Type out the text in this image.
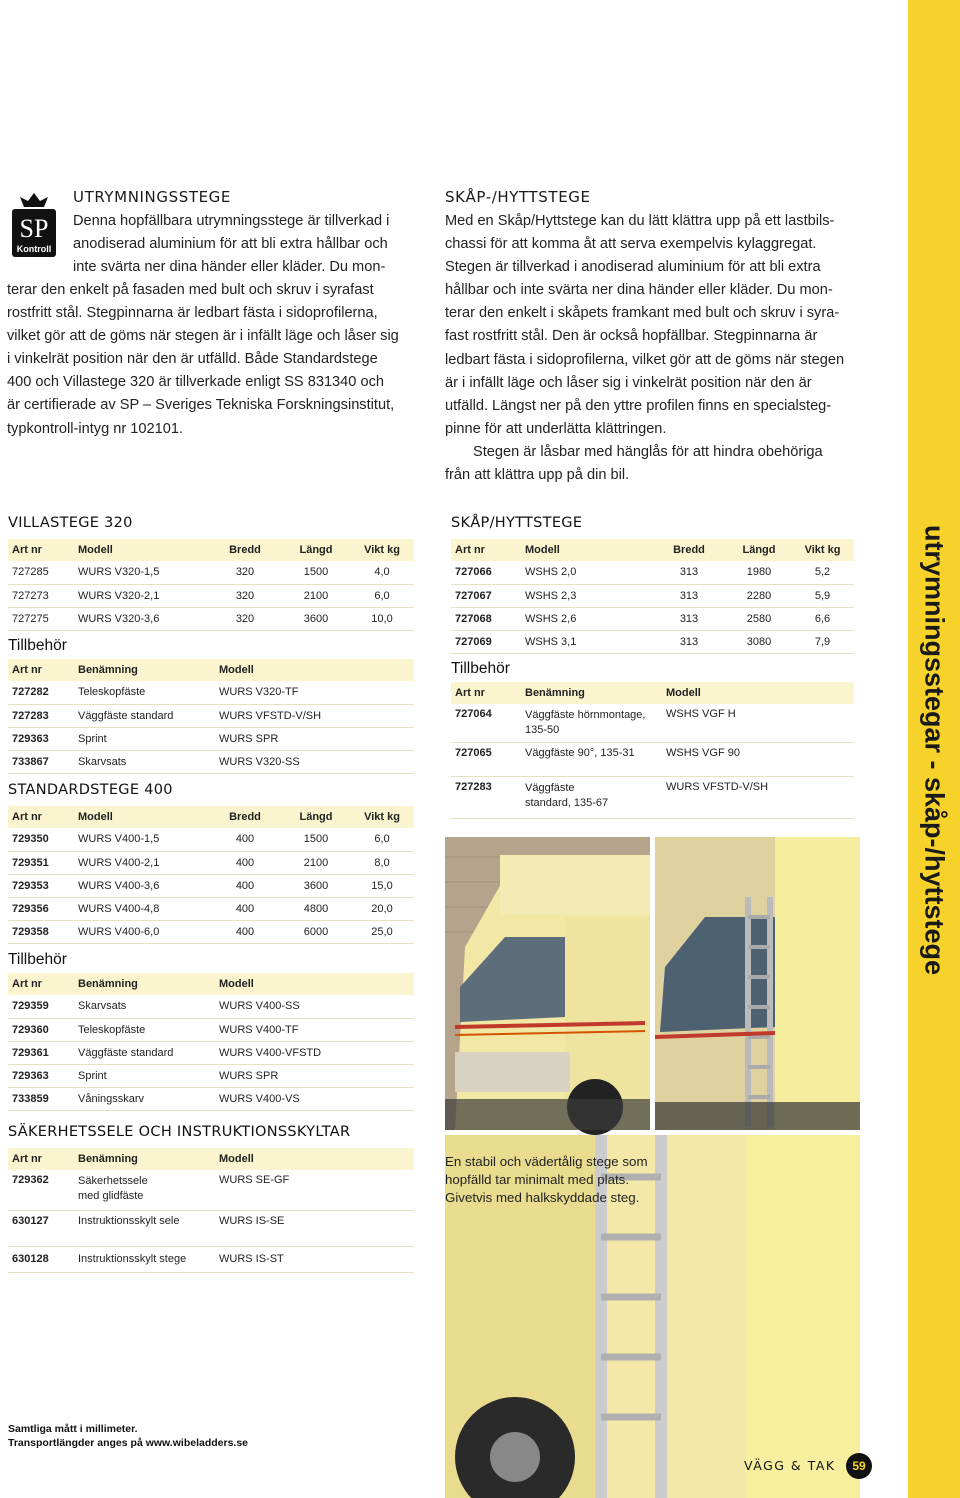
utrymningsstegar - skåp-/hyttstege
SP
Kontroll
UTRYMNINGSSTEGE

Denna hopfällbara utrymningsstege är tillverkad i

anodiserad aluminium för att bli extra hållbar och

inte svärta ner dina händer eller kläder. Du mon-

terar den enkelt på fasaden med bult och skruv i syrafast

rostfritt stål. Stegpinnarna är ledbart fästa i sidoprofilerna,

vilket gör att de göms när stegen är i infällt läge och låser sig

i vinkelrät position när den är utfälld. Både Standardstege

400 och Villastege 320 är tillverkade enligt SS 831340 och

är certifierade av SP – Sveriges Tekniska Forskningsinstitut,

typkontroll-intyg nr 102101.

SKÅP-/HYTTSTEGE

Med en Skåp/Hyttstege kan du lätt klättra upp på ett lastbils-

chassi för att komma åt att serva exempelvis kylaggregat.

Stegen är tillverkad i anodiserad aluminium för att bli extra

hållbar och inte svärta ner dina händer eller kläder. Du mon-

terar den enkelt i skåpets framkant med bult och skruv i syra-

fast rostfritt stål. Den är också hopfällbar. Stegpinnarna är

ledbart fästa i sidoprofilerna, vilket gör att de göms när stegen

är i infällt läge och låser sig i vinkelrät position när den är

utfälld. Längst ner på den yttre profilen finns en specialsteg-

pinne för att underlätta klättringen.

Stegen är låsbar med hänglås för att hindra obehöriga

från att klättra upp på din bil.

VILLASTEGE 320
Art nr	Modell	Bredd	Längd	Vikt kg
727285	WURS V320-1,5	320	1500	4,0
727273	WURS V320-2,1	320	2100	6,0
727275	WURS V320-3,6	320	3600	10,0
Tillbehör
Art nr	Benämning	Modell
727282	Teleskopfäste	WURS V320-TF
727283	Väggfäste standard	WURS VFSTD-V/SH
729363	Sprint	WURS SPR
733867	Skarvsats	WURS V320-SS
STANDARDSTEGE 400
Art nr	Modell	Bredd	Längd	Vikt kg
729350	WURS V400-1,5	400	1500	6,0
729351	WURS V400-2,1	400	2100	8,0
729353	WURS V400-3,6	400	3600	15,0
729356	WURS V400-4,8	400	4800	20,0
729358	WURS V400-6,0	400	6000	25,0
Tillbehör
Art nr	Benämning	Modell
729359	Skarvsats	WURS V400-SS
729360	Teleskopfäste	WURS V400-TF
729361	Väggfäste standard	WURS V400-VFSTD
729363	Sprint	WURS SPR
733859	Våningsskarv	WURS V400-VS
SÄKERHETSSELE OCH INSTRUKTIONSSKYLTAR
Art nr	Benämning	Modell
729362	Säkerhetssele
med glidfäste	WURS SE-GF
630127	Instruktionsskylt sele	WURS IS-SE
630128	Instruktionsskylt stege	WURS IS-ST
SKÅP/HYTTSTEGE
Art nr	Modell	Bredd	Längd	Vikt kg
727066	WSHS 2,0	313	1980	5,2
727067	WSHS 2,3	313	2280	5,9
727068	WSHS 2,6	313	2580	6,6
727069	WSHS 3,1	313	3080	7,9
Tillbehör
Art nr	Benämning	Modell
727064	Väggfäste hörnmontage,
135-50	WSHS VGF H
727065	Väggfäste 90°, 135-31	WSHS VGF 90
727283	Väggfäste
standard, 135-67	WURS VFSTD-V/SH
En stabil och vädertålig stege som hopfälld tar minimalt med plats. Givetvis med halkskyddade steg.
Samtliga mått i millimeter.
Transportlängder anges på www.wibeladders.se
VÄGG & TAK	59
